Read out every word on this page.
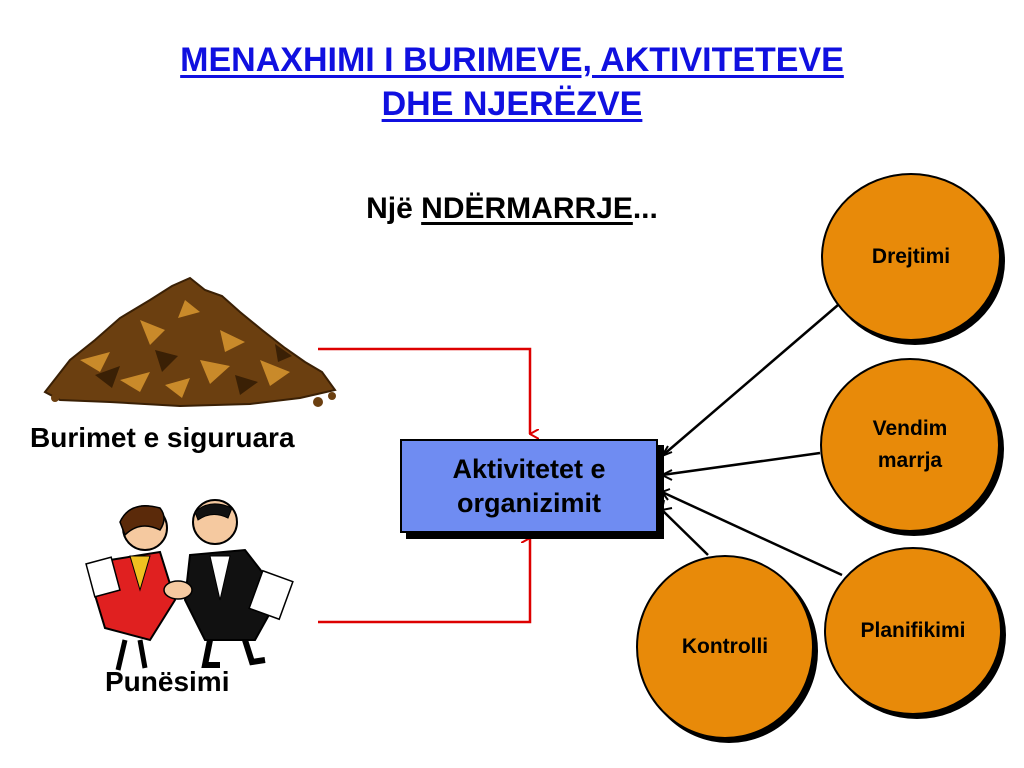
MENAXHIMI I BURIMEVE, AKTIVITETEVE
DHE NJERËZVE
Një NDËRMARRJE...
Burimet e siguruara
Punësimi
Aktivitetet e
organizimit
Drejtimi
Vendim
marrja
Planifikimi
Kontrolli
